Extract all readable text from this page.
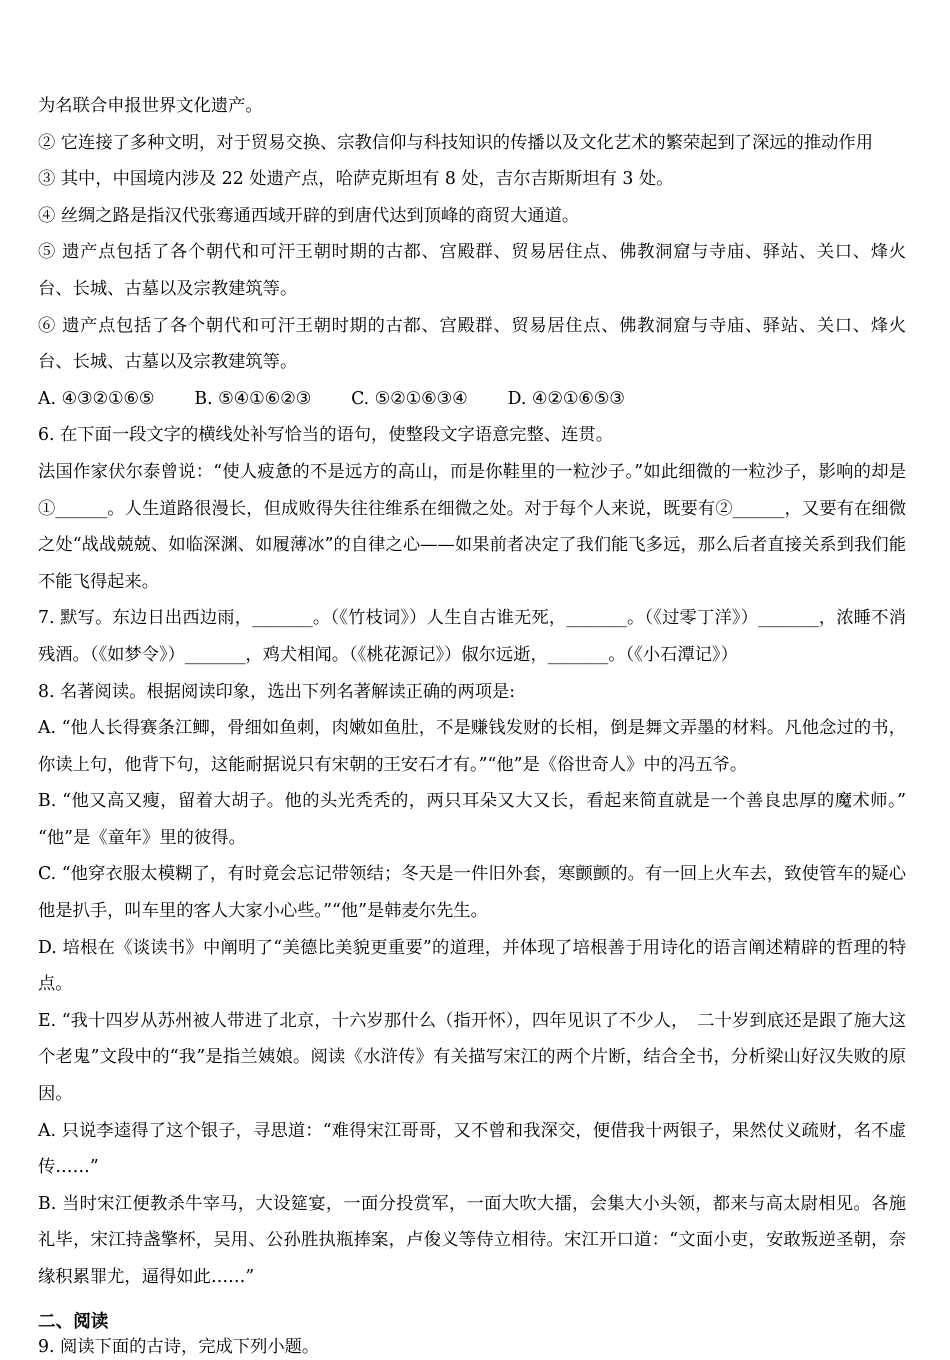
为名联合申报世界文化遗产。

② 它连接了多种文明，对于贸易交换、宗教信仰与科技知识的传播以及文化艺术的繁荣起到了深远的推动作用

③ 其中，中国境内涉及 22 处遗产点，哈萨克斯坦有 8 处，吉尔吉斯斯坦有 3 处。

④ 丝绸之路是指汉代张骞通西域开辟的到唐代达到顶峰的商贸大通道。

⑤ 遗产点包括了各个朝代和可汗王朝时期的古都、宫殿群、贸易居住点、佛教洞窟与寺庙、驿站、关口、烽火台、长城、古墓以及宗教建筑等。

⑥ 遗产点包括了各个朝代和可汗王朝时期的古都、宫殿群、贸易居住点、佛教洞窟与寺庙、驿站、关口、烽火台、长城、古墓以及宗教建筑等。

A. ④③②①⑥⑤ B. ⑤④①⑥②③ C. ⑤②①⑥③④ D. ④②①⑥⑤③

6. 在下面一段文字的横线处补写恰当的语句，使整段文字语意完整、连贯。

法国作家伏尔泰曾说：“使人疲惫的不是远方的高山，而是你鞋里的一粒沙子。”如此细微的一粒沙子，影响的却是①______。人生道路很漫长，但成败得失往往维系在细微之处。对于每个人来说，既要有②______，又要有在细微之处“战战兢兢、如临深渊、如履薄冰”的自律之心——如果前者决定了我们能飞多远，那么后者直接关系到我们能不能飞得起来。

7. 默写。东边日出西边雨，_______。（《竹枝词》）人生自古谁无死，_______。（《过零丁洋》）_______，浓睡不消残酒。（《如梦令》）_______，鸡犬相闻。（《桃花源记》）俶尔远逝，_______。（《小石潭记》）

8. 名著阅读。根据阅读印象，选出下列名著解读正确的两项是:

A. “他人长得赛条江鲫，骨细如鱼刺，肉嫩如鱼肚，不是赚钱发财的长相，倒是舞文弄墨的材料。凡他念过的书，你读上句，他背下句，这能耐据说只有宋朝的王安石才有。”“他”是《俗世奇人》中的冯五爷。

B. “他又高又瘦，留着大胡子。他的头光秃秃的，两只耳朵又大又长，看起来简直就是一个善良忠厚的魔术师。”“他”是《童年》里的彼得。

C. “他穿衣服太模糊了，有时竟会忘记带领结；冬天是一件旧外套，寒颤颤的。有一回上火车去，致使管车的疑心他是扒手，叫车里的客人大家小心些。”“他”是韩麦尔先生。

D. 培根在《谈读书》中阐明了“美德比美貌更重要”的道理，并体现了培根善于用诗化的语言阐述精辟的哲理的特点。

E. “我十四岁从苏州被人带进了北京，十六岁那什么（指开怀），四年见识了不少人，　二十岁到底还是跟了施大这个老鬼”文段中的“我”是指兰姨娘。阅读《水浒传》有关描写宋江的两个片断，结合全书，分析梁山好汉失败的原因。

A. 只说李逵得了这个银子，寻思道：“难得宋江哥哥，又不曾和我深交，便借我十两银子，果然仗义疏财，名不虚传……”

B. 当时宋江便教杀牛宰马，大设筵宴，一面分投赏军，一面大吹大擂，会集大小头领，都来与高太尉相见。各施礼毕，宋江持盏擎杯，吴用、公孙胜执瓶捧案，卢俊义等侍立相待。宋江开口道：“文面小吏，安敢叛逆圣朝，奈缘积累罪尤，逼得如此……”

二、阅读

9. 阅读下面的古诗，完成下列小题。
